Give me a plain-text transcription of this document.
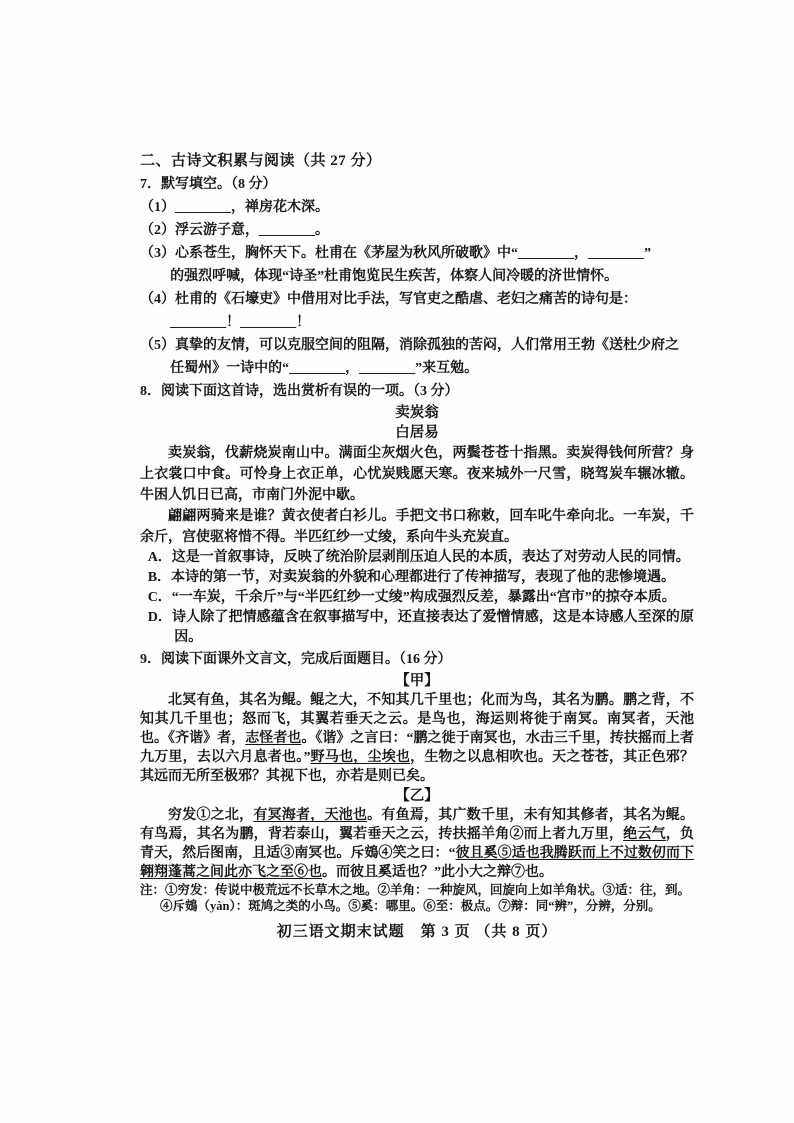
二、古诗文积累与阅读（共 27 分）
7．默写填空。（8 分）
（1）________，禅房花木深。
（2）浮云游子意，________。
（3）心系苍生，胸怀天下。杜甫在《茅屋为秋风所破歌》中“________，________”
的强烈呼喊，体现“诗圣”杜甫饱览民生疾苦，体察人间冷暖的济世情怀。
（4）杜甫的《石壕吏》中借用对比手法，写官吏之酷虐、老妇之痛苦的诗句是：
________！________！
（5）真挚的友情，可以克服空间的阻隔，消除孤独的苦闷，人们常用王勃《送杜少府之
任蜀州》一诗中的“________，________”来互勉。
8．阅读下面这首诗，选出赏析有误的一项。（3 分）
卖炭翁
白居易

卖炭翁，伐薪烧炭南山中。满面尘灰烟火色，两鬓苍苍十指黑。卖炭得钱何所营？身上衣裳口中食。可怜身上衣正单，心忧炭贱愿天寒。夜来城外一尺雪，晓驾炭车辗冰辙。牛困人饥日已高，市南门外泥中歇。

翩翩两骑来是谁？黄衣使者白衫儿。手把文书口称敕，回车叱牛牵向北。一车炭，千余斤，宫使驱将惜不得。半匹红纱一丈绫，系向牛头充炭直。

A．这是一首叙事诗，反映了统治阶层剥削压迫人民的本质，表达了对劳动人民的同情。
B．本诗的第一节，对卖炭翁的外貌和心理都进行了传神描写，表现了他的悲惨境遇。
C．“一车炭，千余斤”与“半匹红纱一丈绫”构成强烈反差，暴露出“宫市”的掠夺本质。
D．诗人除了把情感蕴含在叙事描写中，还直接表达了爱憎情感，这是本诗感人至深的原因。
9．阅读下面课外文言文，完成后面题目。（16 分）
【甲】

北冥有鱼，其名为鲲。鲲之大，不知其几千里也；化而为鸟，其名为鹏。鹏之背，不知其几千里也；怒而飞，其翼若垂天之云。是鸟也，海运则将徙于南冥。南冥者，天池也。《齐谐》者，志怪者也。《谐》之言曰：“鹏之徙于南冥也，水击三千里，抟扶摇而上者九万里，去以六月息者也。”野马也，尘埃也，生物之以息相吹也。天之苍苍，其正色邪？其远而无所至极邪？其视下也，亦若是则已矣。

【乙】

穷发①之北，有冥海者，天池也。有鱼焉，其广数千里，未有知其修者，其名为鲲。有鸟焉，其名为鹏，背若泰山，翼若垂天之云，抟扶摇羊角②而上者九万里，绝云气，负青天，然后图南，且适③南冥也。斥鴳④笑之曰：“彼且奚⑤适也我腾跃而上不过数仞而下翱翔蓬蒿之间此亦飞之至⑥也。而彼且奚适也？”此小大之辩⑦也。

注：①穷发：传说中极荒远不长草木之地。②羊角：一种旋风，回旋向上如羊角状。③适：往，到。
④斥鴳（yàn）：斑鸠之类的小鸟。⑤奚：哪里。⑥至：极点。⑦辩：同“辨”，分辨，分别。
初三语文期末试题　第 3 页 （共 8 页）
